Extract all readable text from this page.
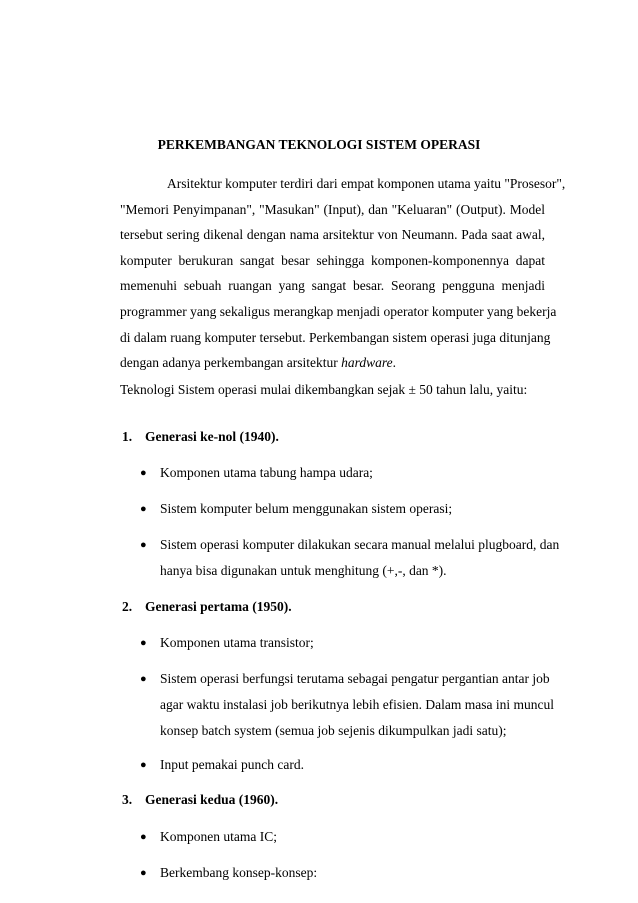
PERKEMBANGAN TEKNOLOGI SISTEM OPERASI
Arsitektur komputer terdiri dari empat komponen utama yaitu "Prosesor",
"Memori Penyimpanan", "Masukan" (Input), dan "Keluaran" (Output). Model
tersebut sering dikenal dengan nama arsitektur von Neumann. Pada saat awal,
komputer berukuran sangat besar sehingga komponen-komponennya dapat
memenuhi sebuah ruangan yang sangat besar. Seorang pengguna menjadi
programmer yang sekaligus merangkap menjadi operator komputer yang bekerja
di dalam ruang komputer tersebut. Perkembangan sistem operasi juga ditunjang
dengan adanya perkembangan arsitektur hardware.
Teknologi Sistem operasi mulai dikembangkan sejak ± 50 tahun lalu, yaitu:
1. Generasi ke-nol (1940).
● Komponen utama tabung hampa udara;
● Sistem komputer belum menggunakan sistem operasi;
● Sistem operasi komputer dilakukan secara manual melalui plugboard, dan
hanya bisa digunakan untuk menghitung (+,-, dan *).
2. Generasi pertama (1950).
● Komponen utama transistor;
● Sistem operasi berfungsi terutama sebagai pengatur pergantian antar job
agar waktu instalasi job berikutnya lebih efisien. Dalam masa ini muncul
konsep batch system (semua job sejenis dikumpulkan jadi satu);
● Input pemakai punch card.
3. Generasi kedua (1960).
● Komponen utama IC;
● Berkembang konsep-konsep:
